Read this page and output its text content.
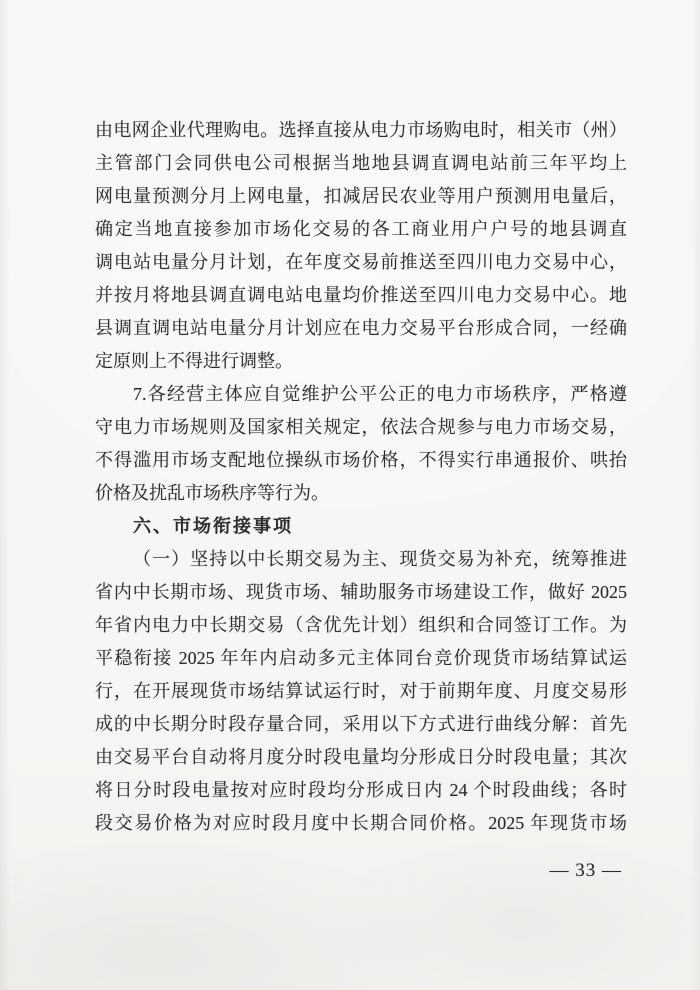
由电网企业代理购电。选择直接从电力市场购电时，相关市（州）
主管部门会同供电公司根据当地地县调直调电站前三年平均上
网电量预测分月上网电量，扣减居民农业等用户预测用电量后，
确定当地直接参加市场化交易的各工商业用户户号的地县调直
调电站电量分月计划，在年度交易前推送至四川电力交易中心，
并按月将地县调直调电站电量均价推送至四川电力交易中心。地
县调直调电站电量分月计划应在电力交易平台形成合同，一经确
定原则上不得进行调整。
7.各经营主体应自觉维护公平公正的电力市场秩序，严格遵
守电力市场规则及国家相关规定，依法合规参与电力市场交易，
不得滥用市场支配地位操纵市场价格，不得实行串通报价、哄抬
价格及扰乱市场秩序等行为。
六、市场衔接事项
（一）坚持以中长期交易为主、现货交易为补充，统筹推进
省内中长期市场、现货市场、辅助服务市场建设工作，做好 2025
年省内电力中长期交易（含优先计划）组织和合同签订工作。为
平稳衔接 2025 年年内启动多元主体同台竞价现货市场结算试运
行，在开展现货市场结算试运行时，对于前期年度、月度交易形
成的中长期分时段存量合同，采用以下方式进行曲线分解：首先
由交易平台自动将月度分时段电量均分形成日分时段电量；其次
将日分时段电量按对应时段均分形成日内 24 个时段曲线；各时
段交易价格为对应时段月度中长期合同价格。2025 年现货市场
— 33 —
